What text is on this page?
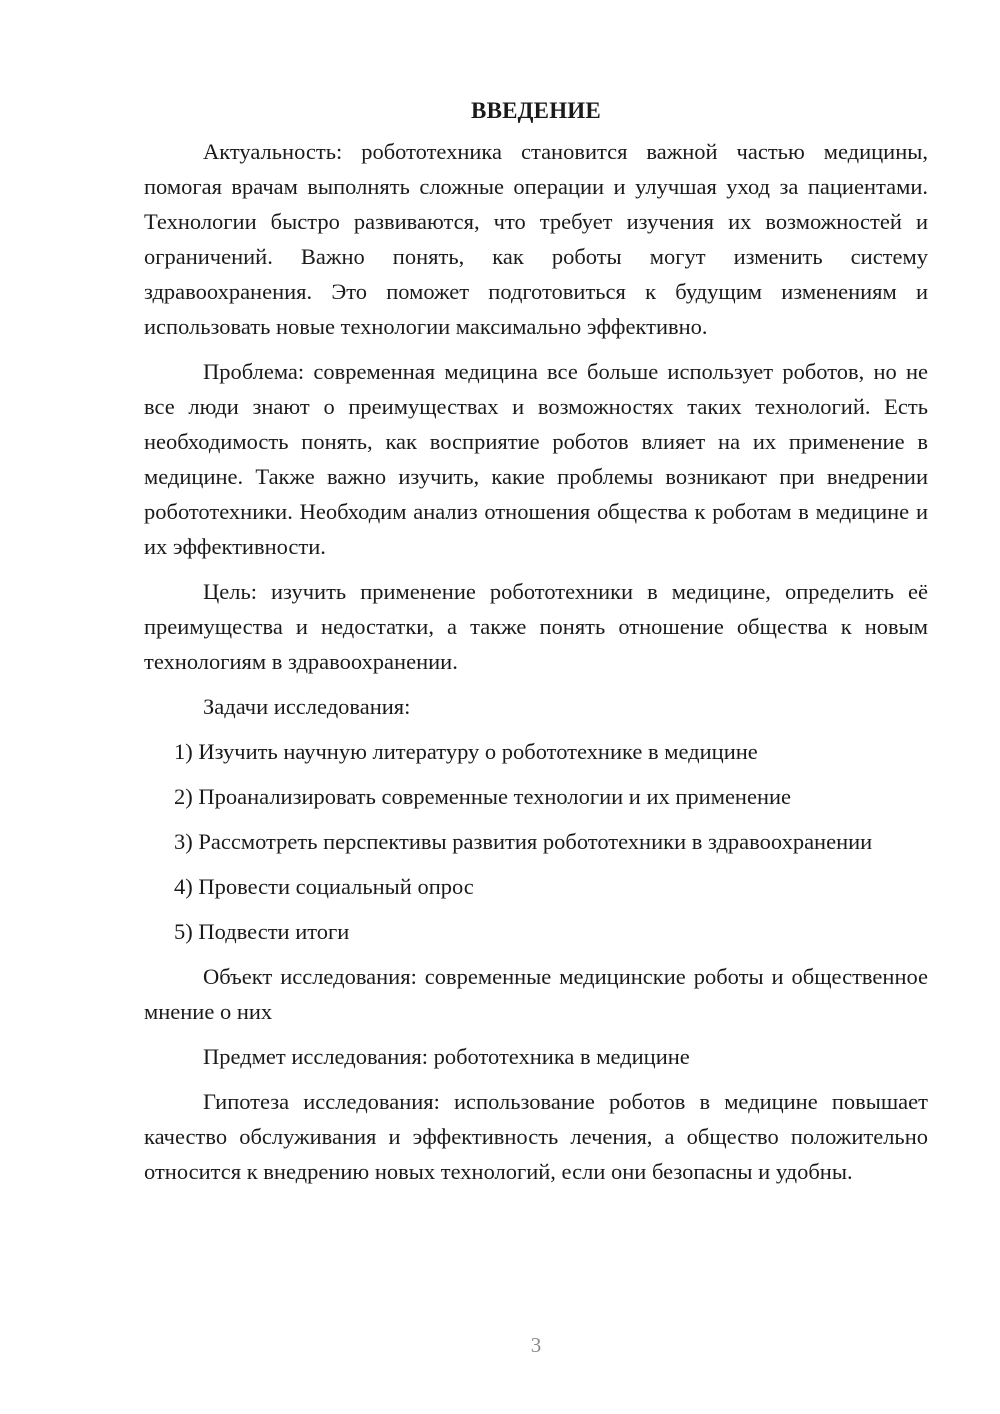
ВВЕДЕНИЕ

Актуальность: робототехника становится важной частью медицины, помогая врачам выполнять сложные операции и улучшая уход за пациентами. Технологии быстро развиваются, что требует изучения их возможностей и ограничений. Важно понять, как роботы могут изменить систему здравоохранения. Это поможет подготовиться к будущим изменениям и использовать новые технологии максимально эффективно.

Проблема: современная медицина все больше использует роботов, но не все люди знают о преимуществах и возможностях таких технологий. Есть необходимость понять, как восприятие роботов влияет на их применение в медицине. Также важно изучить, какие проблемы возникают при внедрении робототехники. Необходим анализ отношения общества к роботам в медицине и их эффективности.

Цель: изучить применение робототехники в медицине, определить её преимущества и недостатки, а также понять отношение общества к новым технологиям в здравоохранении.

Задачи исследования:

1) Изучить научную литературу о робототехнике в медицине

2) Проанализировать современные технологии и их применение

3) Рассмотреть перспективы развития робототехники в здравоохранении

4) Провести социальный опрос

5) Подвести итоги

Объект исследования: современные медицинские роботы и общественное мнение о них

Предмет исследования: робототехника в медицине

Гипотеза исследования: использование роботов в медицине повышает качество обслуживания и эффективность лечения, а общество положительно относится к внедрению новых технологий, если они безопасны и удобны.

3
